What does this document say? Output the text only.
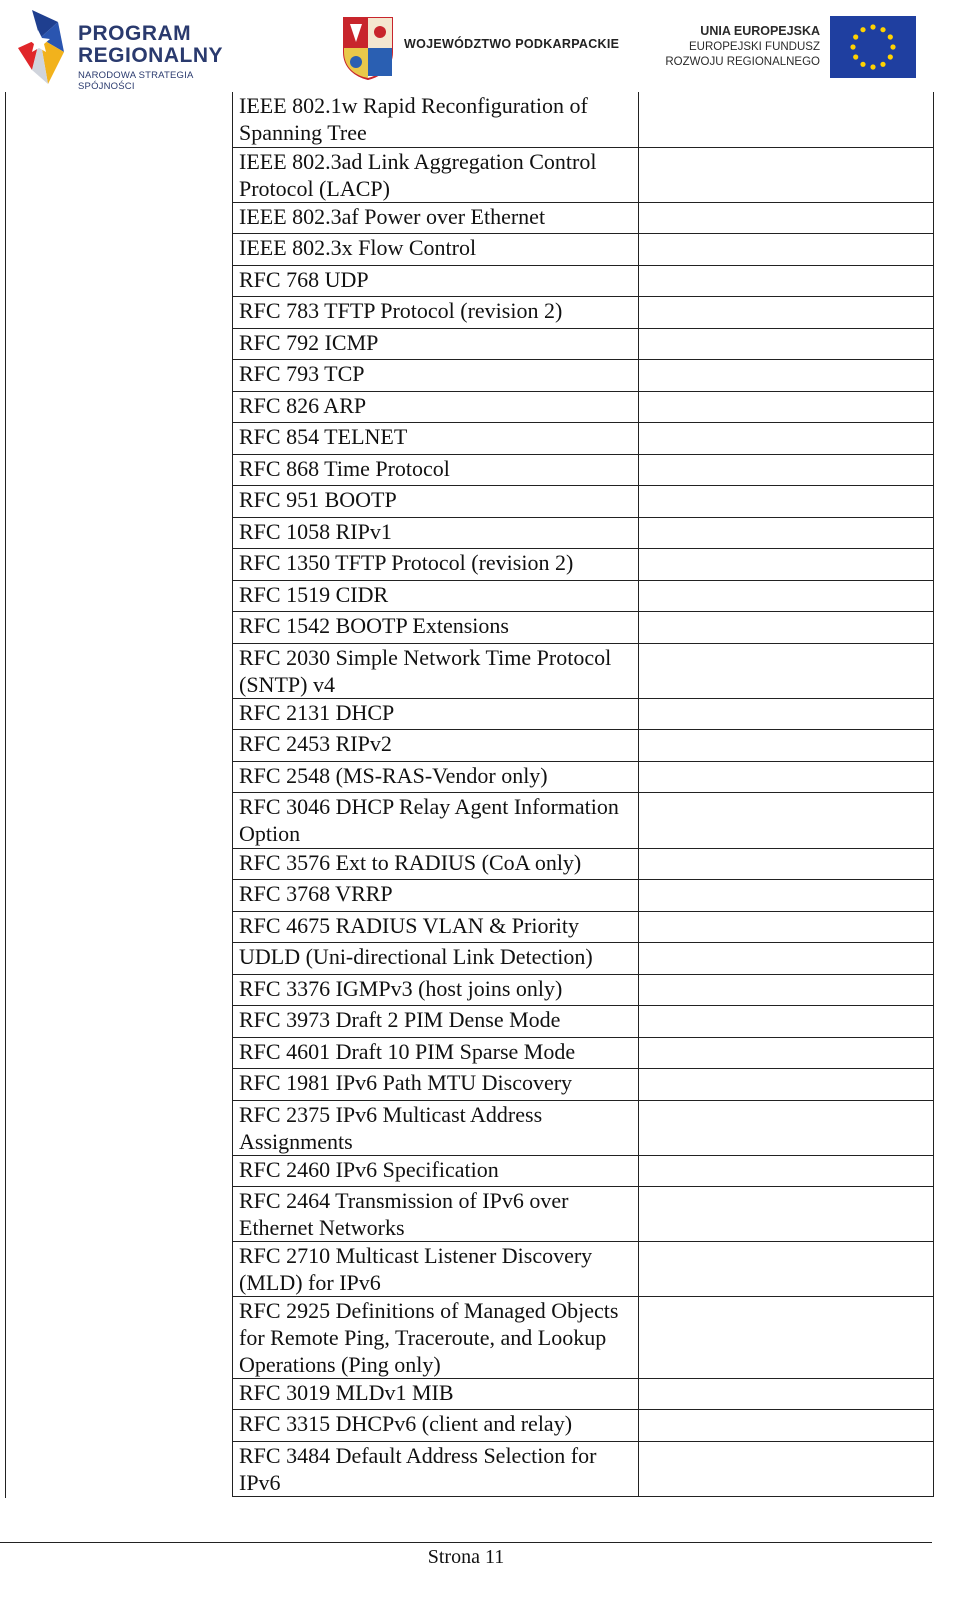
PROGRAM
REGIONALNY
NARODOWA STRATEGIA SPÓJNOŚCI
WOJEWÓDZTWO PODKARPACKIE
UNIA EUROPEJSKA
EUROPEJSKI FUNDUSZ
ROZWOJU REGIONALNEGO
IEEE 802.1w Rapid Reconfiguration of Spanning Tree	
IEEE 802.3ad Link Aggregation Control Protocol (LACP)	
IEEE 802.3af Power over Ethernet	
IEEE 802.3x Flow Control	
RFC 768 UDP	
RFC 783 TFTP Protocol (revision 2)	
RFC 792 ICMP	
RFC 793 TCP	
RFC 826 ARP	
RFC 854 TELNET	
RFC 868 Time Protocol	
RFC 951 BOOTP	
RFC 1058 RIPv1	
RFC 1350 TFTP Protocol (revision 2)	
RFC 1519 CIDR	
RFC 1542 BOOTP Extensions	
RFC 2030 Simple Network Time Protocol (SNTP) v4	
RFC 2131 DHCP	
RFC 2453 RIPv2	
RFC 2548 (MS-RAS-Vendor only)	
RFC 3046 DHCP Relay Agent Information Option	
RFC 3576 Ext to RADIUS (CoA only)	
RFC 3768 VRRP	
RFC 4675 RADIUS VLAN & Priority	
UDLD (Uni-directional Link Detection)	
RFC 3376 IGMPv3 (host joins only)	
RFC 3973 Draft 2 PIM Dense Mode	
RFC 4601 Draft 10 PIM Sparse Mode	
RFC 1981 IPv6 Path MTU Discovery	
RFC 2375 IPv6 Multicast Address Assignments	
RFC 2460 IPv6 Specification	
RFC 2464 Transmission of IPv6 over Ethernet Networks	
RFC 2710 Multicast Listener Discovery (MLD) for IPv6	
RFC 2925 Definitions of Managed Objects for Remote Ping, Traceroute, and Lookup Operations (Ping only)	
RFC 3019 MLDv1 MIB	
RFC 3315 DHCPv6 (client and relay)	
RFC 3484 Default Address Selection for IPv6	
Strona 11
